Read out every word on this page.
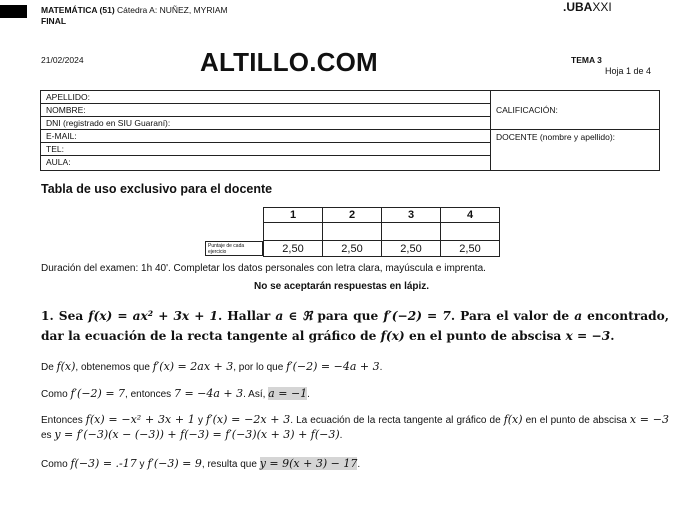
MATEMÁTICA (51) Cátedra A: NUÑEZ, MYRIAM
FINAL
.UBAXXI
21/02/2024	ALTILLO.COM	TEMA 3
Hoja 1 de 4
APELLIDO:
NOMBRE:
DNI (registrado en SIU Guaraní):
E-MAIL:
TEL:
AULA:
CALIFICACIÓN:
DOCENTE (nombre y apellido):
Tabla de uso exclusivo para el docente
Puntaje de cada ejercicio
1	2	3	4

2,50	2,50	2,50	2,50
Duración del examen: 1h 40'. Completar los datos personales con letra clara, mayúscula e imprenta.
No se aceptarán respuestas en lápiz.
1. Sea f(x) = ax² + 3x + 1. Hallar a ∈ ℜ para que f′(−2) = 7. Para el valor de a encontrado, dar la ecuación de la recta tangente al gráfico de f(x) en el punto de abscisa x = −3.
De f(x), obtenemos que f′(x) = 2ax + 3, por lo que f′(−2) = −4a + 3.
Como f′(−2) = 7, entonces 7 = −4a + 3. Así, a = −1.
Entonces f(x) = −x² + 3x + 1 y f′(x) = −2x + 3. La ecuación de la recta tangente al gráfico de f(x) en el punto de abscisa x = −3 es y = f′(−3)(x − (−3)) + f(−3) = f′(−3)(x + 3) + f(−3).
Como f(−3) = .-17 y f′(−3) = 9, resulta que y = 9(x + 3) − 17.
